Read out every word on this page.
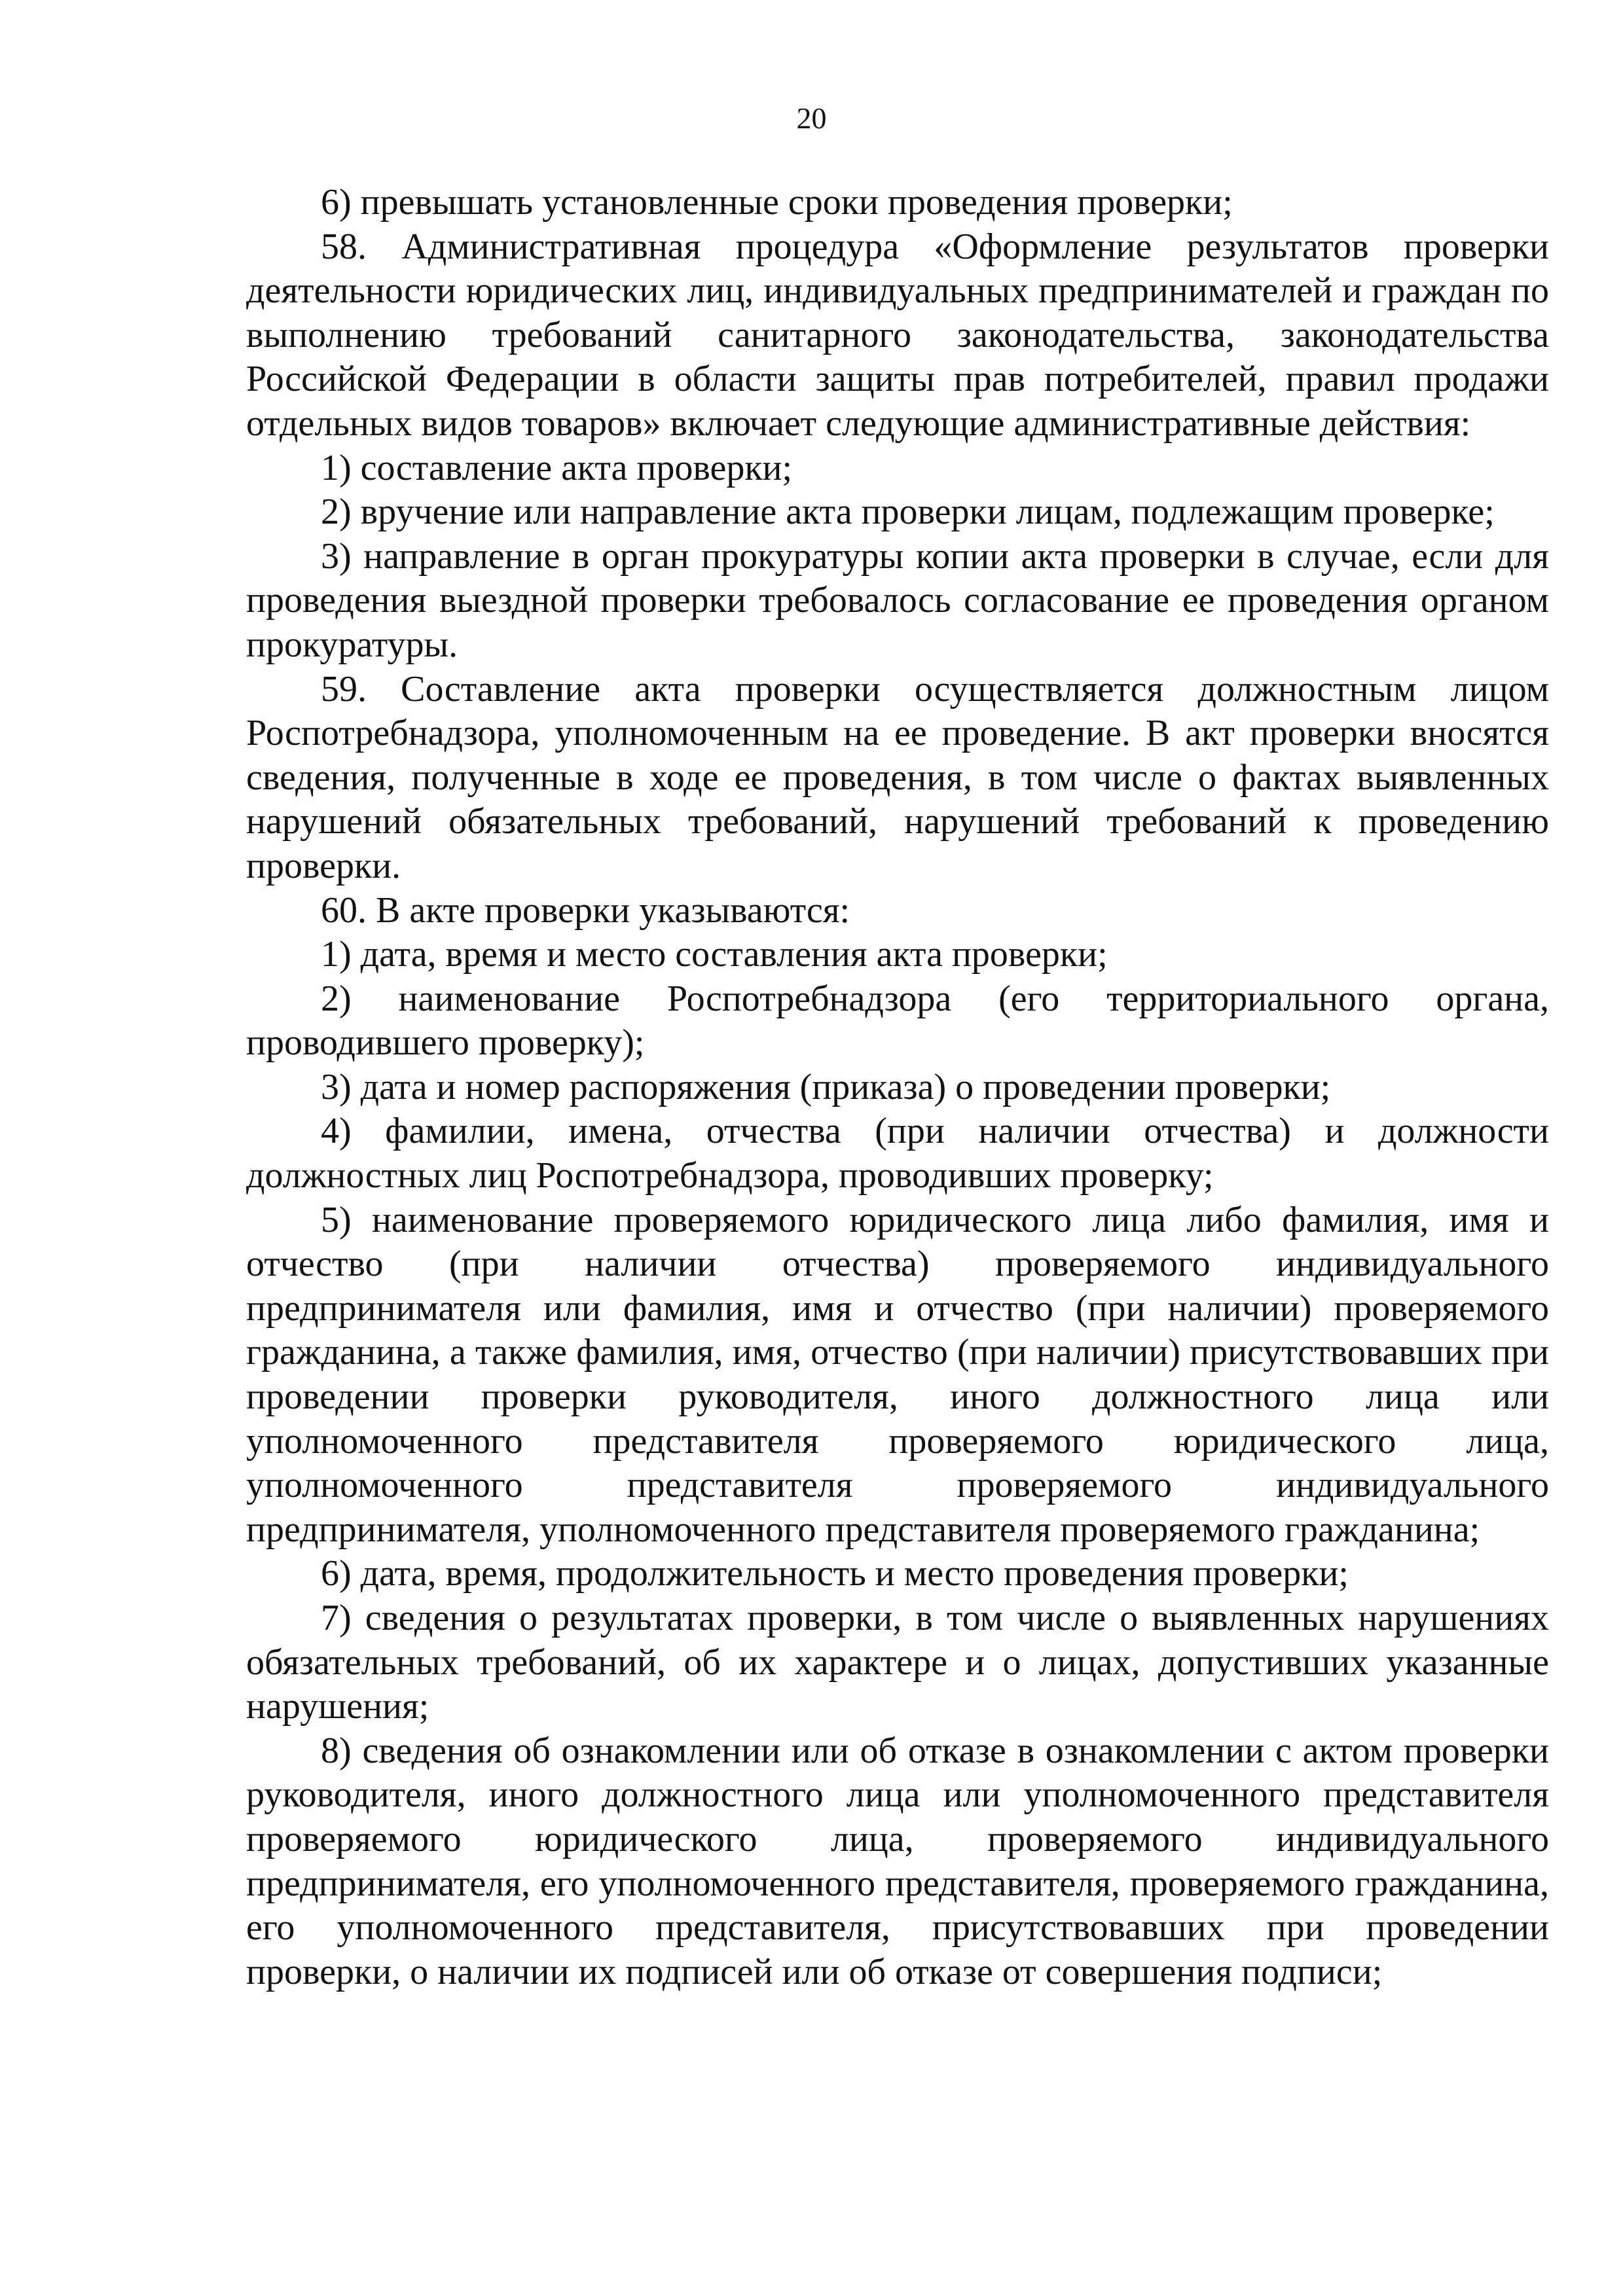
20

6) превышать установленные сроки проведения проверки;

58. Административная процедура «Оформление результатов проверки деятельности юридических лиц, индивидуальных предпринимателей и граждан по выполнению требований санитарного законодательства, законодательства Российской Федерации в области защиты прав потребителей, правил продажи отдельных видов товаров» включает следующие административные действия:

1) составление акта проверки;

2) вручение или направление акта проверки лицам, подлежащим проверке;

3) направление в орган прокуратуры копии акта проверки в случае, если для проведения выездной проверки требовалось согласование ее проведения органом прокуратуры.

59. Составление акта проверки осуществляется должностным лицом Роспотребнадзора, уполномоченным на ее проведение. В акт проверки вносятся сведения, полученные в ходе ее проведения, в том числе о фактах выявленных нарушений обязательных требований, нарушений требований к проведению проверки.

60. В акте проверки указываются:

1) дата, время и место составления акта проверки;

2) наименование Роспотребнадзора (его территориального органа, проводившего проверку);

3) дата и номер распоряжения (приказа) о проведении проверки;

4) фамилии, имена, отчества (при наличии отчества) и должности должностных лиц Роспотребнадзора, проводивших проверку;

5) наименование проверяемого юридического лица либо фамилия, имя и отчество (при наличии отчества) проверяемого индивидуального предпринимателя или фамилия, имя и отчество (при наличии) проверяемого гражданина, а также фамилия, имя, отчество (при наличии) присутствовавших при проведении проверки руководителя, иного должностного лица или уполномоченного представителя проверяемого юридического лица, уполномоченного представителя проверяемого индивидуального предпринимателя, уполномоченного представителя проверяемого гражданина;

6) дата, время, продолжительность и место проведения проверки;

7) сведения о результатах проверки, в том числе о выявленных нарушениях обязательных требований, об их характере и о лицах, допустивших указанные нарушения;

8) сведения об ознакомлении или об отказе в ознакомлении с актом проверки руководителя, иного должностного лица или уполномоченного представителя проверяемого юридического лица, проверяемого индивидуального предпринимателя, его уполномоченного представителя, проверяемого гражданина, его уполномоченного представителя, присутствовавших при проведении проверки, о наличии их подписей или об отказе от совершения подписи;
